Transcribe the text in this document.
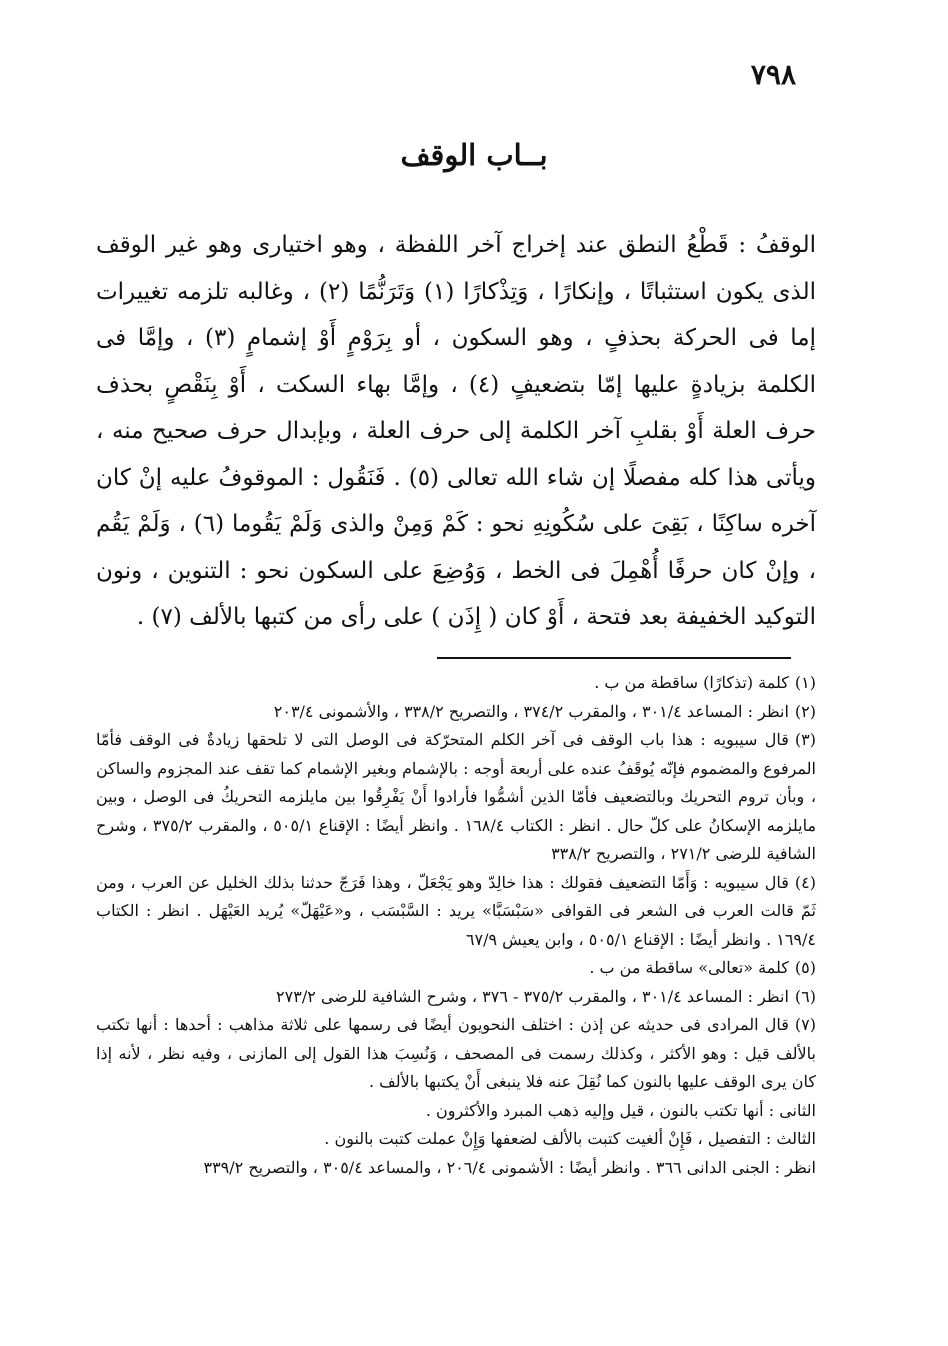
٧٩٨
بــاب الوقف

الوقفُ : قَطْعُ النطق عند إخراج آخر اللفظة ، وهو اختيارى وهو غير الوقف الذى يكون استثباتًا ، وإنكارًا ، وَتِذْكارًا (١) وَتَرَنُّمًا (٢) ، وغالبه تلزمه تغييرات إما فى الحركة بحذفٍ ، وهو السكون ، أو بِرَوْمٍ أَوْ إشمامٍ (٣) ، وإمَّا فى الكلمة بزيادةٍ عليها إمّا بتضعيفٍ (٤) ، وإمَّا بهاء السكت ، أَوْ بِنَقْصٍ بحذف حرف العلة أَوْ بقلبِ آخر الكلمة إلى حرف العلة ، وبإبدال حرف صحيح منه ، ويأتى هذا كله مفصلًا إن شاء الله تعالى (٥) . فَنَقُول : الموقوفُ عليه إنْ كان آخره ساكِنًا ، بَقِىَ على سُكُونِهِ نحو : كَمْ وَمِنْ والذى وَلَمْ يَقُوما (٦) ، وَلَمْ يَقُم ، وإنْ كان حرفًا أُهْمِلَ فى الخط ، وَوُضِعَ على السكون نحو : التنوين ، ونون التوكيد الخفيفة بعد فتحة ، أَوْ كان ( إِذَن ) على رأى من كتبها بالألف (٧) .

(١)كلمة (تذكارًا) ساقطة من ب .

(٢)انظر : المساعد ٣٠١/٤ ، والمقرب ٣٧٤/٢ ، والتصريح ٣٣٨/٢ ، والأشمونى ٢٠٣/٤

(٣)قال سيبويه : هذا باب الوقف فى آخر الكلم المتحرّكة فى الوصل التى لا تلحقها زيادةٌ فى الوقف فأمّا المرفوع والمضموم فإنّه يُوقَفُ عنده على أربعة أوجه : بالإشمام وبغير الإشمام كما تقف عند المجزوم والساكن ، وبأن تروم التحريك وبالتضعيف فأمّا الذين أشمُّوا فأرادوا أَنْ يَفْرِقُوا بين مايلزمه التحريكُ فى الوصل ، وبين مايلزمه الإسكانُ على كلّ حال . انظر : الكتاب ١٦٨/٤ . وانظر أيضًا : الإقناع ٥٠٥/١ ، والمقرب ٣٧٥/٢ ، وشرح الشافية للرضى ٢٧١/٢ ، والتصريح ٣٣٨/٢

(٤)قال سيبويه : وَأَمّا التضعيف فقولك : هذا خالِدّ وهو يَجْعَلّ ، وهذا فَرَجّ حدثنا بذلك الخليل عن العرب ، ومن ثَمّ قالت العرب فى الشعر فى القوافى «سَبْسَبَّا» يريد : السَّبْسَب ، و«عَيْهَلّ» يُريد العَيْهَل . انظر : الكتاب ١٦٩/٤ . وانظر أيضًا : الإقناع ٥٠٥/١ ، وابن يعيش ٦٧/٩

(٥)كلمة «تعالى» ساقطة من ب .

(٦)انظر : المساعد ٣٠١/٤ ، والمقرب ٣٧٥/٢ - ٣٧٦ ، وشرح الشافية للرضى ٢٧٣/٢

(٧)قال المرادى فى حديثه عن إذن : اختلف النحويون أيضًا فى رسمها على ثلاثة مذاهب : أحدها : أنها تكتب بالألف قيل : وهو الأكثر ، وكذلك رسمت فى المصحف ، وَنُسِبَ هذا القول إلى المازنى ، وفيه نظر ، لأنه إذا كان يرى الوقف عليها بالنون كما نُقِلَ عنه فلا ينبغى أَنْ يكتبها بالألف .

الثانى : أنها تكتب بالنون ، قيل وإليه ذهب المبرد والأكثرون .

الثالث : التفصيل ، فَإِنْ ألغيت كتبت بالألف لضعفها وَإِنْ عملت كتبت بالنون .

انظر : الجنى الدانى ٣٦٦ . وانظر أيضًا : الأشمونى ٢٠٦/٤ ، والمساعد ٣٠٥/٤ ، والتصريح ٣٣٩/٢
